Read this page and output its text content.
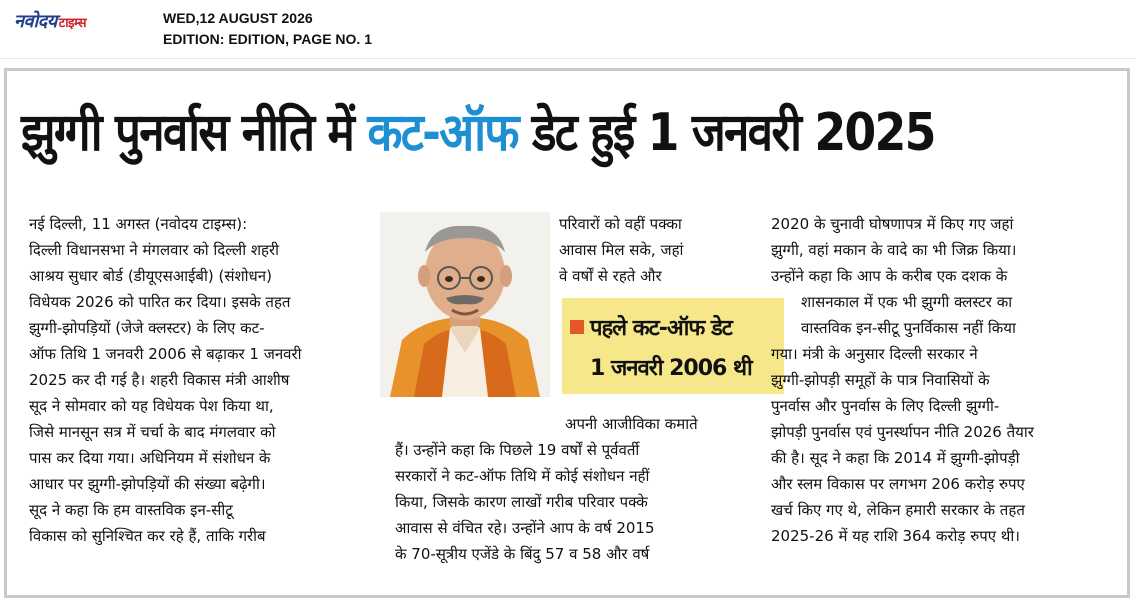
नवोदय टाइम्स	WED,12 AUGUST 2026
EDITION: EDITION, PAGE NO. 1
झुग्गी पुनर्वास नीति में कट-ऑफ डेट हुई 1 जनवरी 2025
नई दिल्ली, 11 अगस्त (नवोदय टाइम्स):
दिल्ली विधानसभा ने मंगलवार को दिल्ली शहरी
आश्रय सुधार बोर्ड (डीयूएसआईबी) (संशोधन)
विधेयक 2026 को पारित कर दिया। इसके तहत
झुग्गी-झोपड़ियों (जेजे क्लस्टर) के लिए कट-
ऑफ तिथि 1 जनवरी 2006 से बढ़ाकर 1 जनवरी
2025 कर दी गई है। शहरी विकास मंत्री आशीष
सूद ने सोमवार को यह विधेयक पेश किया था,
जिसे मानसून सत्र में चर्चा के बाद मंगलवार को
पास कर दिया गया। अधिनियम में संशोधन के
आधार पर झुग्गी-झोपड़ियों की संख्या बढ़ेगी।
सूद ने कहा कि हम वास्तविक इन-सीटू
विकास को सुनिश्चित कर रहे हैं, ताकि गरीब
परिवारों को वहीं पक्का
आवास मिल सके, जहां
वे वर्षों से रहते और
पहले कट-ऑफ डेट
1 जनवरी 2006 थी
अपनी आजीविका कमाते
हैं। उन्होंने कहा कि पिछले 19 वर्षों से पूर्ववर्ती
सरकारों ने कट-ऑफ तिथि में कोई संशोधन नहीं
किया, जिसके कारण लाखों गरीब परिवार पक्के
आवास से वंचित रहे। उन्होंने आप के वर्ष 2015
के 70-सूत्रीय एजेंडे के बिंदु 57 व 58 और वर्ष
2020 के चुनावी घोषणापत्र में किए गए जहां
झुग्गी, वहां मकान के वादे का भी जिक्र किया।
उन्होंने कहा कि आप के करीब एक दशक के
शासनकाल में एक भी झुग्गी क्लस्टर का
वास्तविक इन-सीटू पुनर्विकास नहीं किया
गया। मंत्री के अनुसार दिल्ली सरकार ने
झुग्गी-झोपड़ी समूहों के पात्र निवासियों के
पुनर्वास और पुनर्वास के लिए दिल्ली झुग्गी-
झोपड़ी पुनर्वास एवं पुनर्स्थापन नीति 2026 तैयार
की है। सूद ने कहा कि 2014 में झुग्गी-झोपड़ी
और स्लम विकास पर लगभग 206 करोड़ रुपए
खर्च किए गए थे, लेकिन हमारी सरकार के तहत
2025-26 में यह राशि 364 करोड़ रुपए थी।
